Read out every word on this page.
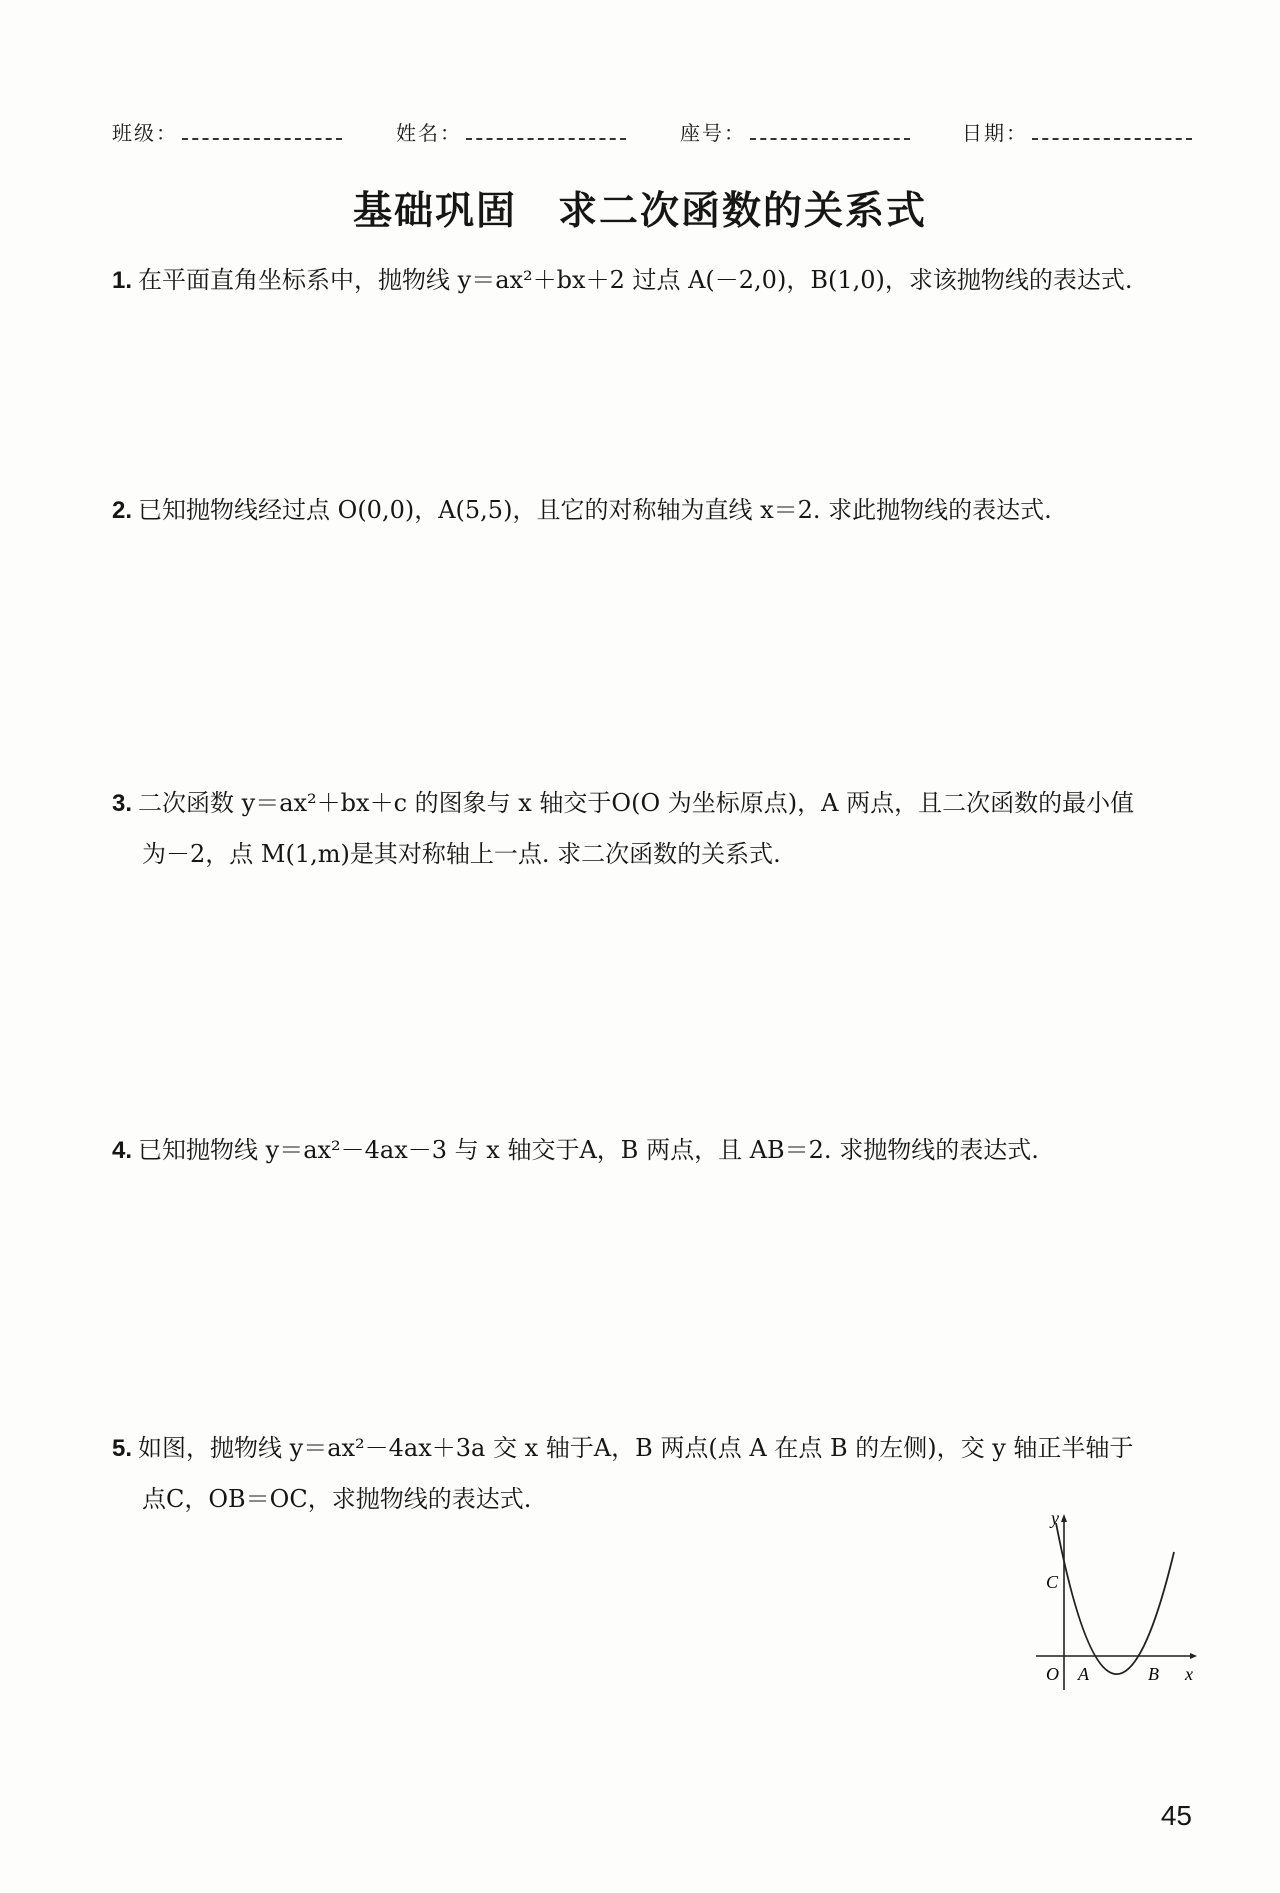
班级：	姓名：	座号：	日期：
基础巩固　求二次函数的关系式
1. 在平面直角坐标系中，抛物线 y＝ax²＋bx＋2 过点 A(－2,0)，B(1,0)，求该抛物线的表达式.
2. 已知抛物线经过点 O(0,0)，A(5,5)，且它的对称轴为直线 x＝2. 求此抛物线的表达式.
3. 二次函数 y＝ax²＋bx＋c 的图象与 x 轴交于O(O 为坐标原点)，A 两点，且二次函数的最小值
为－2，点 M(1,m)是其对称轴上一点. 求二次函数的关系式.
4. 已知抛物线 y＝ax²－4ax－3 与 x 轴交于A，B 两点，且 AB＝2. 求抛物线的表达式.
5. 如图，抛物线 y＝ax²－4ax＋3a 交 x 轴于A，B 两点(点 A 在点 B 的左侧)，交 y 轴正半轴于
点C，OB＝OC，求抛物线的表达式.
y
x
O A	B
C
45
